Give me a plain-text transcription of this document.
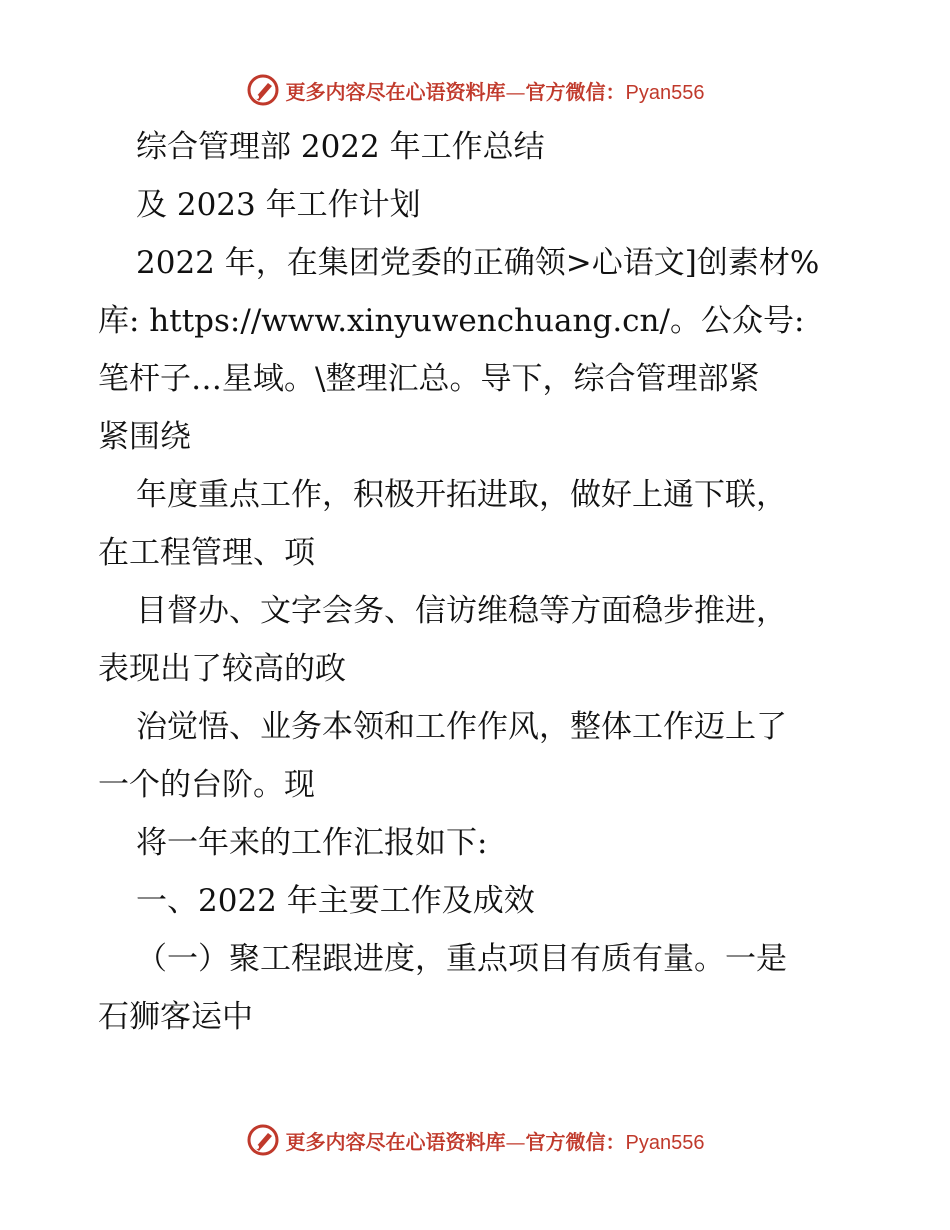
更多内容尽在心语资料库—官方微信：Pyan556
综合管理部 2022 年工作总结
及 2023 年工作计划
2022 年，在集团党委的正确领>心语文]创素材%
库: https://www.xinyuwenchuang.cn/。公众号:
笔杆子…星域。\整理汇总。导下，综合管理部紧
紧围绕
年度重点工作，积极开拓进取，做好上通下联，
在工程管理、项
目督办、文字会务、信访维稳等方面稳步推进，
表现出了较高的政
治觉悟、业务本领和工作作风，整体工作迈上了
一个的台阶。现
将一年来的工作汇报如下:
一、2022 年主要工作及成效
（一）聚工程跟进度，重点项目有质有量。一是
石狮客运中
更多内容尽在心语资料库—官方微信：Pyan556
